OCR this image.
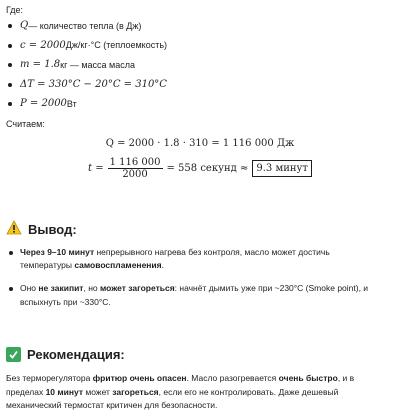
Где:
Q — количество тепла (в Дж)
c = 2000 Дж/кг·°C (теплоемкость)
m = 1.8 кг — масса масла
ΔT = 330°C − 20°C = 310°C
P = 2000 Вт
Считаем:
Q = 2000 · 1.8 · 310 = 1 116 000 Дж
$t = \frac{1 116 000}{2000} = 558$ секунд ≈ 9.3 минут
Вывод:
Через 9–10 минут непрерывного нагрева без контроля, масло может достичь температуры самовоспламенения.
Оно не закипит, но может загореться: начнёт дымить уже при ~230°C (Smoke point), и вспыхнуть при ~330°C.
Рекомендация:
Без терморегулятора фритюр очень опасен. Масло разогревается очень быстро, и в пределах 10 минут может загореться, если его не контролировать. Даже дешевый механический термостат критичен для безопасности.
